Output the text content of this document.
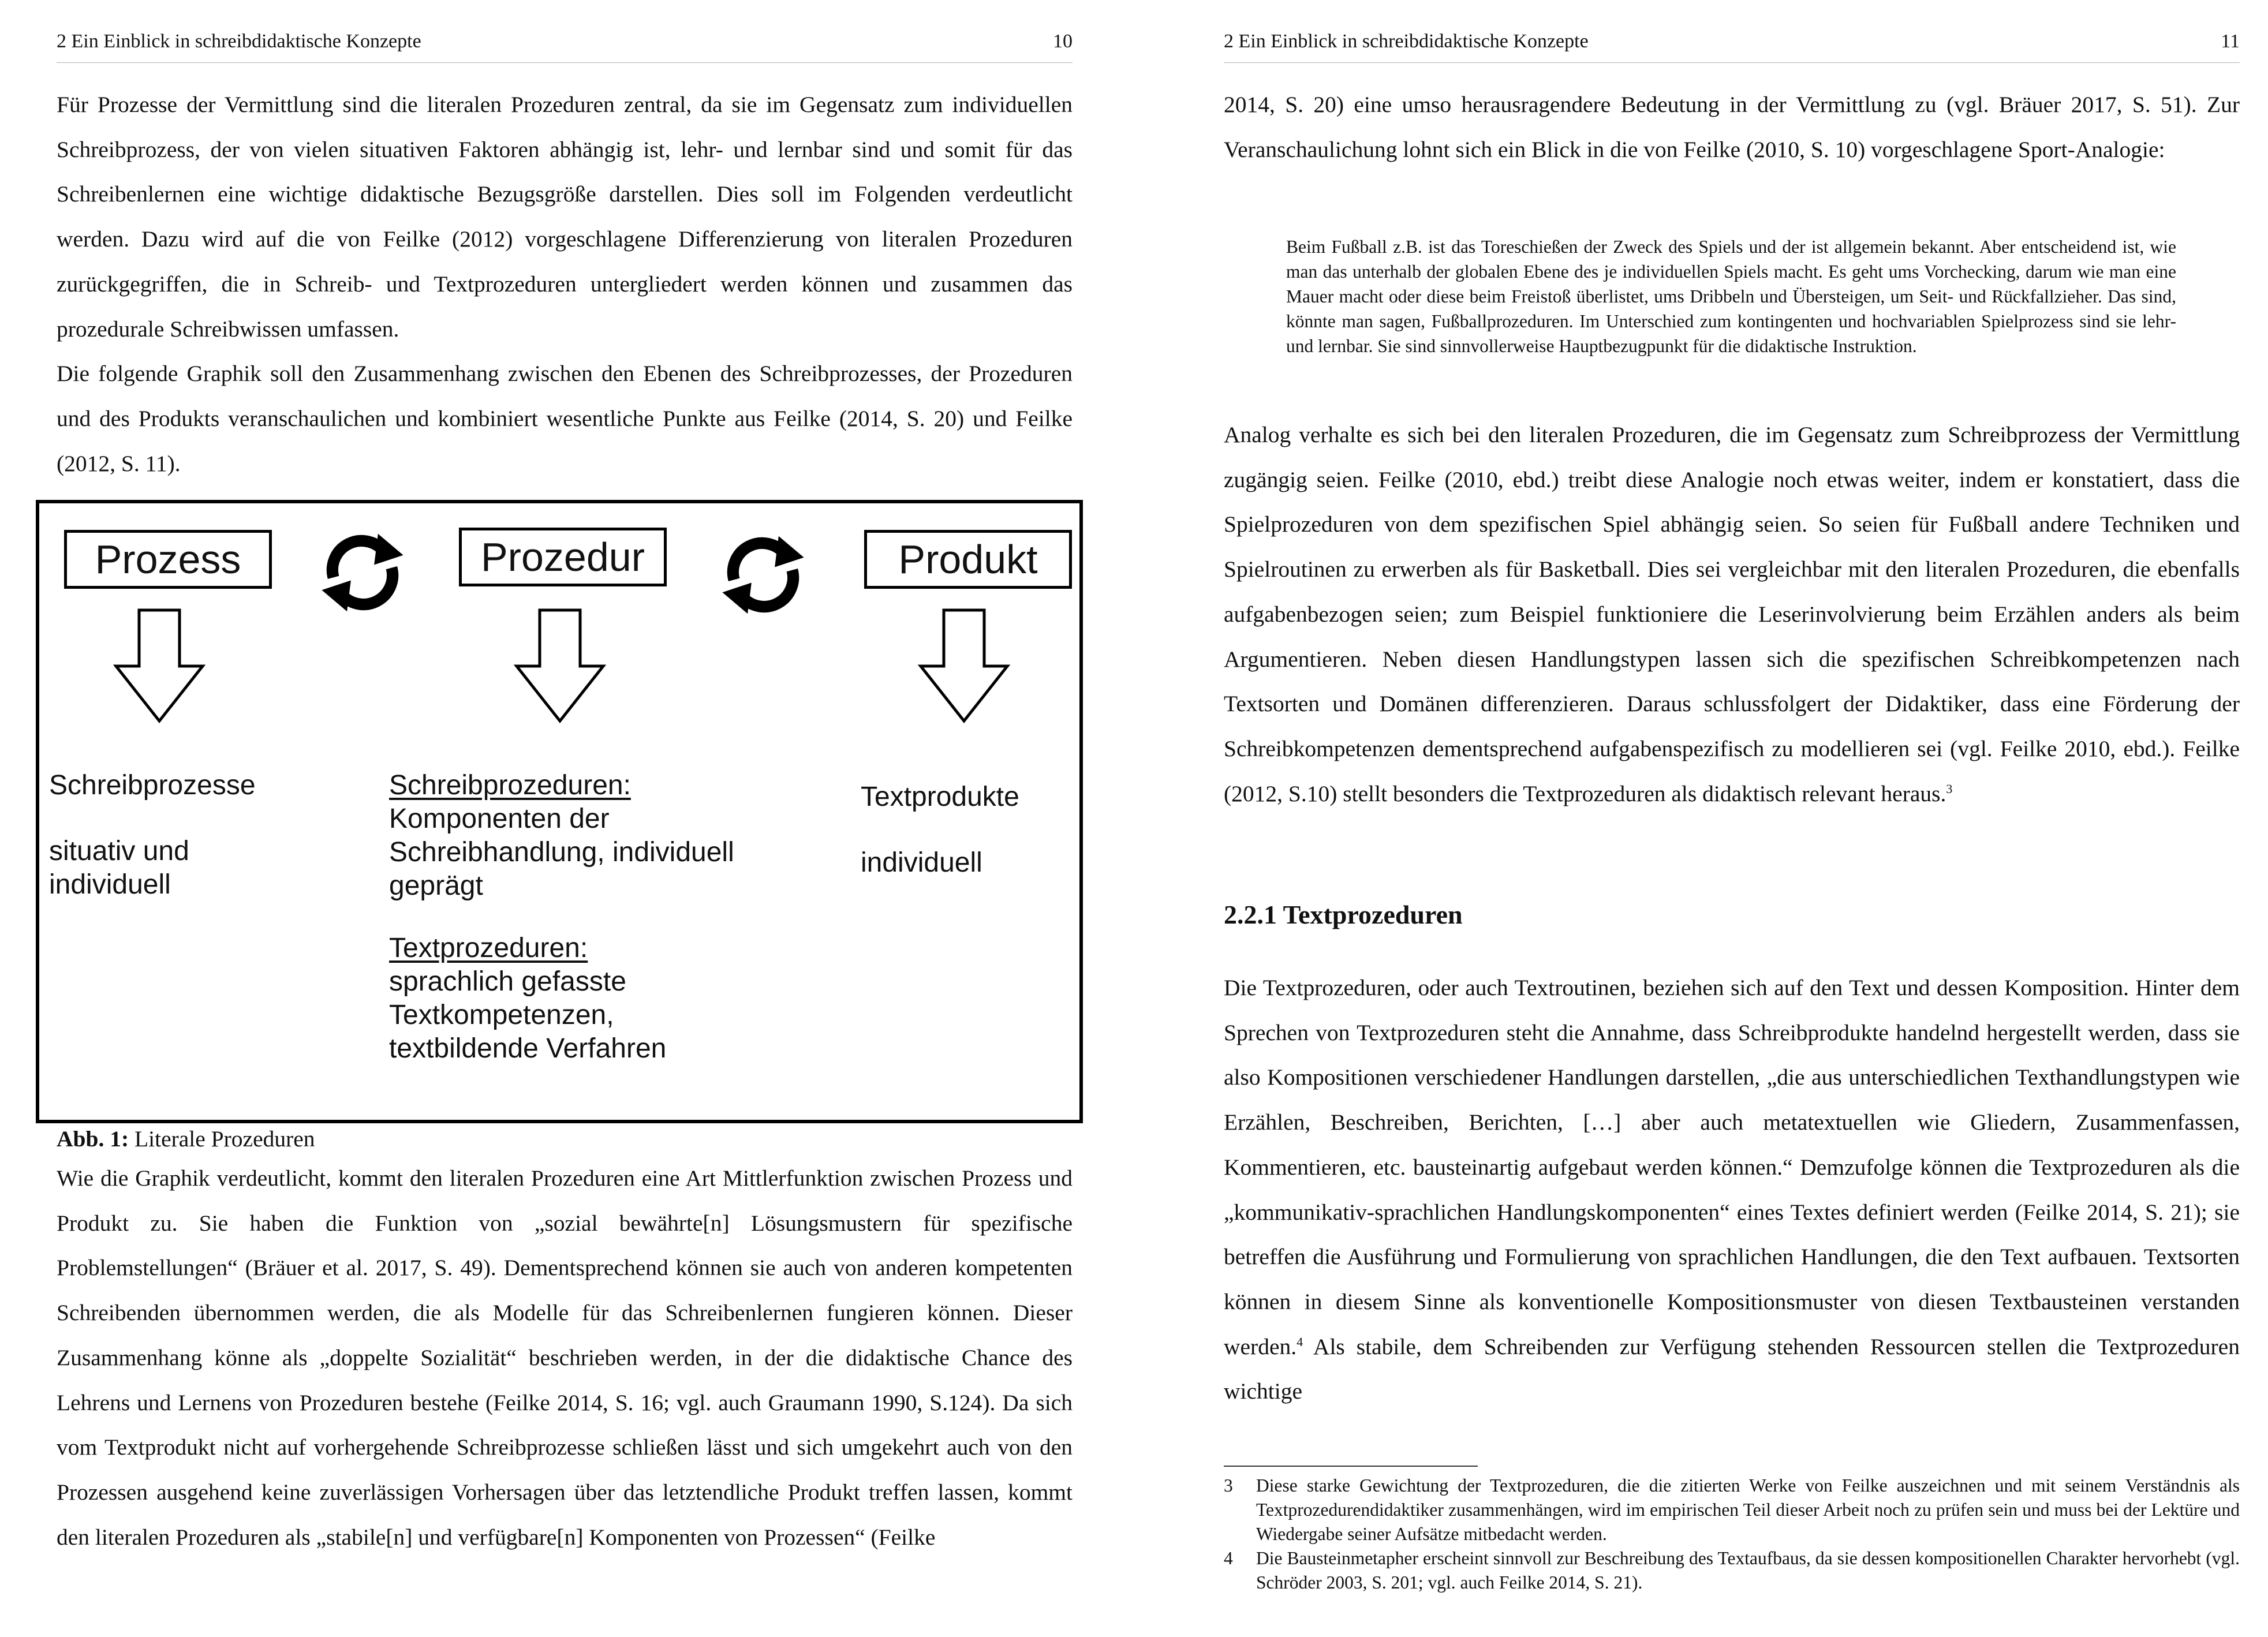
2 Ein Einblick in schreibdidaktische Konzepte	10

Für Prozesse der Vermittlung sind die literalen Prozeduren zentral, da sie im Gegensatz zum individuellen Schreibprozess, der von vielen situativen Faktoren abhängig ist, lehr- und lernbar sind und somit für das Schreibenlernen eine wichtige didaktische Bezugsgröße darstellen. Dies soll im Folgenden verdeutlicht werden. Dazu wird auf die von Feilke (2012) vorgeschlagene Differenzierung von literalen Prozeduren zurückgegriffen, die in Schreib- und Textprozeduren untergliedert werden können und zusammen das prozedurale Schreibwissen umfassen.

Die folgende Graphik soll den Zusammenhang zwischen den Ebenen des Schreibprozesses, der Prozeduren und des Produkts veranschaulichen und kombiniert wesentliche Punkte aus Feilke (2014, S. 20) und Feilke (2012, S. 11).

Prozess	Prozedur	Produkt
Schreibprozesse
situativ und
individuell
Schreibprozeduren:
Komponenten der
Schreibhandlung, individuell
geprägt
Textprozeduren:
sprachlich gefasste
Textkompetenzen,
textbildende Verfahren
Textprodukte
individuell
Abb. 1: Literale Prozeduren

Wie die Graphik verdeutlicht, kommt den literalen Prozeduren eine Art Mittlerfunktion zwischen Prozess und Produkt zu. Sie haben die Funktion von „sozial bewährte[n] Lösungsmustern für spezifische Problemstellungen“ (Bräuer et al. 2017, S. 49). Dementsprechend können sie auch von anderen kompetenten Schreibenden übernommen werden, die als Modelle für das Schreibenlernen fungieren können. Dieser Zusammenhang könne als „doppelte Sozialität“ beschrieben werden, in der die didaktische Chance des Lehrens und Lernens von Prozeduren bestehe (Feilke 2014, S. 16; vgl. auch Graumann 1990, S.124). Da sich vom Textprodukt nicht auf vorhergehende Schreibprozesse schließen lässt und sich umgekehrt auch von den Prozessen ausgehend keine zuverlässigen Vorhersagen über das letztendliche Produkt treffen lassen, kommt den literalen Prozeduren als „stabile[n] und verfügbare[n] Komponenten von Prozessen“ (Feilke

2 Ein Einblick in schreibdidaktische Konzepte	11

2014, S. 20) eine umso herausragendere Bedeutung in der Vermittlung zu (vgl. Bräuer 2017, S. 51). Zur Veranschaulichung lohnt sich ein Blick in die von Feilke (2010, S. 10) vorgeschlagene Sport-Analogie:

Beim Fußball z.B. ist das Toreschießen der Zweck des Spiels und der ist allgemein bekannt. Aber entscheidend ist, wie man das unterhalb der globalen Ebene des je individuellen Spiels macht. Es geht ums Vorchecking, darum wie man eine Mauer macht oder diese beim Freistoß überlistet, ums Dribbeln und Übersteigen, um Seit- und Rückfallzieher. Das sind, könnte man sagen, Fußballprozeduren. Im Unterschied zum kontingenten und hochvariablen Spielprozess sind sie lehr- und lernbar. Sie sind sinnvollerweise Hauptbezugpunkt für die didaktische Instruktion.

Analog verhalte es sich bei den literalen Prozeduren, die im Gegensatz zum Schreibprozess der Vermittlung zugängig seien. Feilke (2010, ebd.) treibt diese Analogie noch etwas weiter, indem er konstatiert, dass die Spielprozeduren von dem spezifischen Spiel abhängig seien. So seien für Fußball andere Techniken und Spielroutinen zu erwerben als für Basketball. Dies sei vergleichbar mit den literalen Prozeduren, die ebenfalls aufgabenbezogen seien; zum Beispiel funktioniere die Leserinvolvierung beim Erzählen anders als beim Argumentieren. Neben diesen Handlungstypen lassen sich die spezifischen Schreibkompetenzen nach Textsorten und Domänen differenzieren. Daraus schlussfolgert der Didaktiker, dass eine Förderung der Schreibkompetenzen dementsprechend aufgabenspezifisch zu modellieren sei (vgl. Feilke 2010, ebd.). Feilke (2012, S.10) stellt besonders die Textprozeduren als didaktisch relevant heraus.$^3$

2.2.1 Textprozeduren

Die Textprozeduren, oder auch Textroutinen, beziehen sich auf den Text und dessen Komposition. Hinter dem Sprechen von Textprozeduren steht die Annahme, dass Schreibprodukte handelnd hergestellt werden, dass sie also Kompositionen verschiedener Handlungen darstellen, „die aus unterschiedlichen Texthandlungstypen wie Erzählen, Beschreiben, Berichten, […] aber auch metatextuellen wie Gliedern, Zusammenfassen, Kommentieren, etc. bausteinartig aufgebaut werden können.“ Demzufolge können die Textprozeduren als die „kommunikativ-sprachlichen Handlungskomponenten“ eines Textes definiert werden (Feilke 2014, S. 21); sie betreffen die Ausführung und Formulierung von sprachlichen Handlungen, die den Text aufbauen. Textsorten können in diesem Sinne als konventionelle Kompositionsmuster von diesen Textbausteinen verstanden werden.$^4$ Als stabile, dem Schreibenden zur Verfügung stehenden Ressourcen stellen die Textprozeduren wichtige

3 Diese starke Gewichtung der Textprozeduren, die die zitierten Werke von Feilke auszeichnen und mit seinem Verständnis als Textprozedurendidaktiker zusammenhängen, wird im empirischen Teil dieser Arbeit noch zu prüfen sein und muss bei der Lektüre und Wiedergabe seiner Aufsätze mitbedacht werden.
4 Die Bausteinmetapher erscheint sinnvoll zur Beschreibung des Textaufbaus, da sie dessen kompositionellen Charakter hervorhebt (vgl. Schröder 2003, S. 201; vgl. auch Feilke 2014, S. 21).
